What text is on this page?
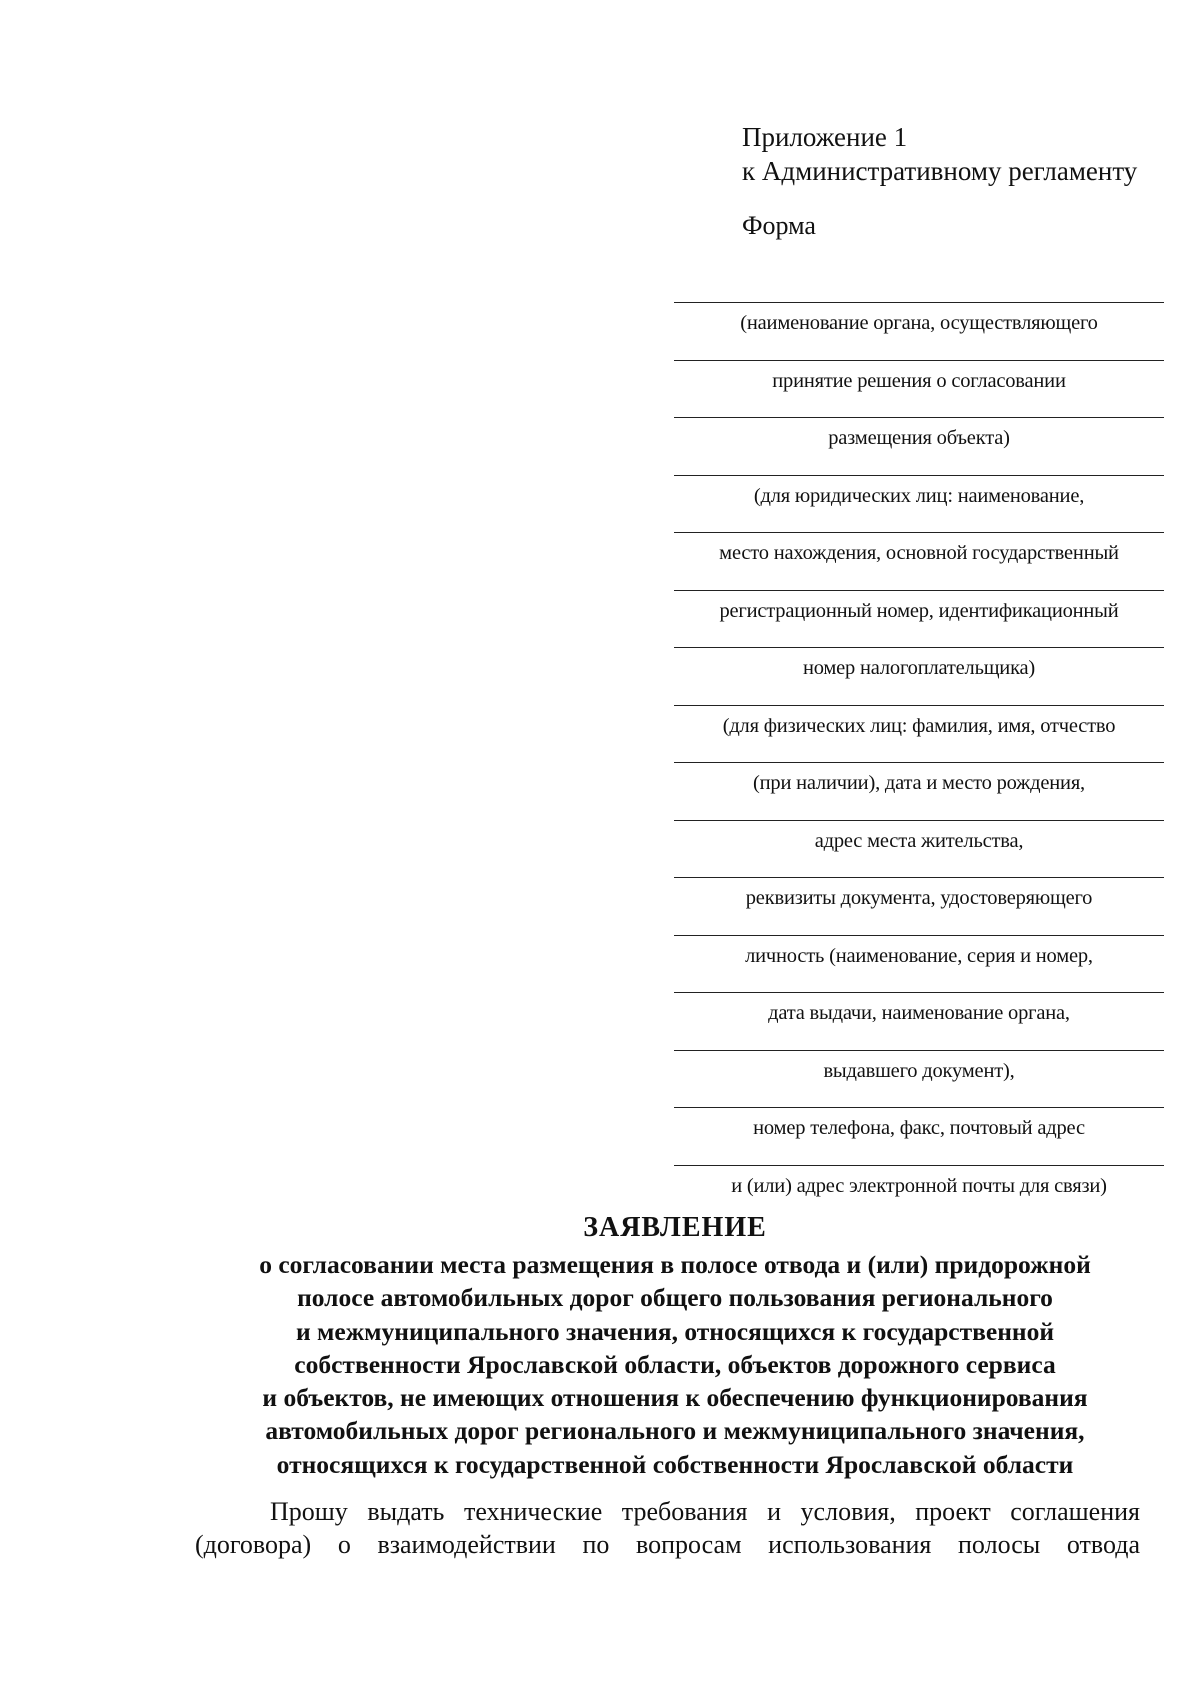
Приложение 1
к Административному регламенту
Форма
(наименование органа, осуществляющего
принятие решения о согласовании
размещения объекта)
(для юридических лиц: наименование,
место нахождения, основной государственный
регистрационный номер, идентификационный
номер налогоплательщика)
(для физических лиц: фамилия, имя, отчество
(при наличии), дата и место рождения,
адрес места жительства,
реквизиты документа, удостоверяющего
личность (наименование, серия и номер,
дата выдачи, наименование органа,
выдавшего документ),
номер телефона, факс, почтовый адрес
и (или) адрес электронной почты для связи)
ЗАЯВЛЕНИЕ
о согласовании места размещения в полосе отвода и (или) придорожной
полосе автомобильных дорог общего пользования регионального
и межмуниципального значения, относящихся к государственной
собственности Ярославской области, объектов дорожного сервиса
и объектов, не имеющих отношения к обеспечению функционирования
автомобильных дорог регионального и межмуниципального значения,
относящихся к государственной собственности Ярославской области
Прошу выдать технические требования и условия, проект соглашения
(договора) о взаимодействии по вопросам использования полосы отвода
